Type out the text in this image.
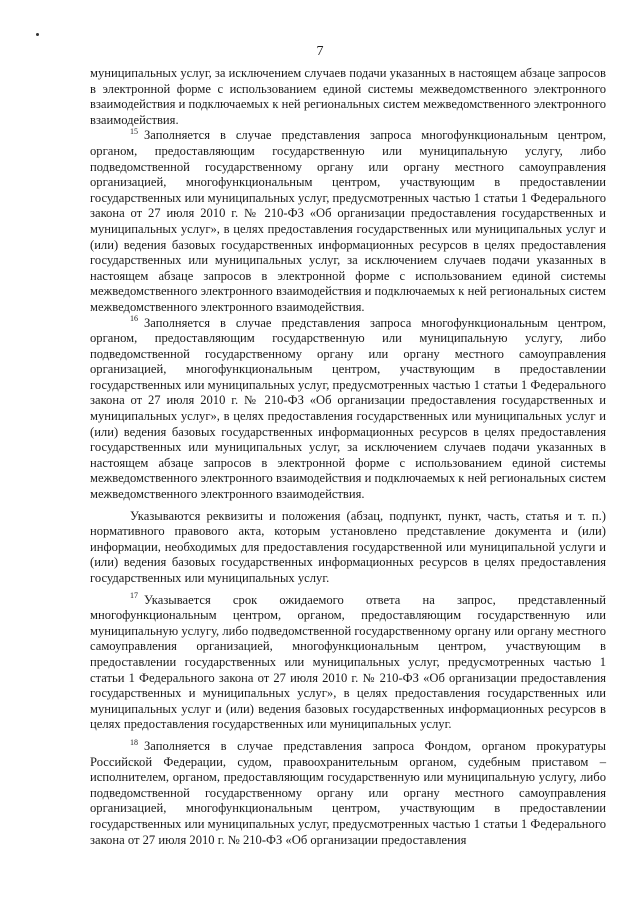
7

муниципальных услуг, за исключением случаев подачи указанных в настоящем абзаце запросов в электронной форме с использованием единой системы межведомственного электронного взаимодействия и подключаемых к ней региональных систем межведомственного электронного взаимодействия.

$^{15}$ Заполняется в случае представления запроса многофункциональным центром, органом, предоставляющим государственную или муниципальную услугу, либо подведомственной государственному органу или органу местного самоуправления организацией, многофункциональным центром, участвующим в предоставлении государственных или муниципальных услуг, предусмотренных частью 1 статьи 1 Федерального закона от 27 июля 2010 г. № 210-ФЗ «Об организации предоставления государственных и муниципальных услуг», в целях предоставления государственных или муниципальных услуг и (или) ведения базовых государственных информационных ресурсов в целях предоставления государственных или муниципальных услуг, за исключением случаев подачи указанных в настоящем абзаце запросов в электронной форме с использованием единой системы межведомственного электронного взаимодействия и подключаемых к ней региональных систем межведомственного электронного взаимодействия.

$^{16}$ Заполняется в случае представления запроса многофункциональным центром, органом, предоставляющим государственную или муниципальную услугу, либо подведомственной государственному органу или органу местного самоуправления организацией, многофункциональным центром, участвующим в предоставлении государственных или муниципальных услуг, предусмотренных частью 1 статьи 1 Федерального закона от 27 июля 2010 г. № 210-ФЗ «Об организации предоставления государственных и муниципальных услуг», в целях предоставления государственных или муниципальных услуг и (или) ведения базовых государственных информационных ресурсов в целях предоставления государственных или муниципальных услуг, за исключением случаев подачи указанных в настоящем абзаце запросов в электронной форме с использованием единой системы межведомственного электронного взаимодействия и подключаемых к ней региональных систем межведомственного электронного взаимодействия.

Указываются реквизиты и положения (абзац, подпункт, пункт, часть, статья и т. п.) нормативного правового акта, которым установлено представление документа и (или) информации, необходимых для предоставления государственной или муниципальной услуги и (или) ведения базовых государственных информационных ресурсов в целях предоставления государственных или муниципальных услуг.

$^{17}$ Указывается срок ожидаемого ответа на запрос, представленный многофункциональным центром, органом, предоставляющим государственную или муниципальную услугу, либо подведомственной государственному органу или органу местного самоуправления организацией, многофункциональным центром, участвующим в предоставлении государственных или муниципальных услуг, предусмотренных частью 1 статьи 1 Федерального закона от 27 июля 2010 г. № 210-ФЗ «Об организации предоставления государственных и муниципальных услуг», в целях предоставления государственных или муниципальных услуг и (или) ведения базовых государственных информационных ресурсов в целях предоставления государственных или муниципальных услуг.

$^{18}$ Заполняется в случае представления запроса Фондом, органом прокуратуры Российской Федерации, судом, правоохранительным органом, судебным приставом – исполнителем, органом, предоставляющим государственную или муниципальную услугу, либо подведомственной государственному органу или органу местного самоуправления организацией, многофункциональным центром, участвующим в предоставлении государственных или муниципальных услуг, предусмотренных частью 1 статьи 1 Федерального закона от 27 июля 2010 г. № 210-ФЗ «Об организации предоставления
